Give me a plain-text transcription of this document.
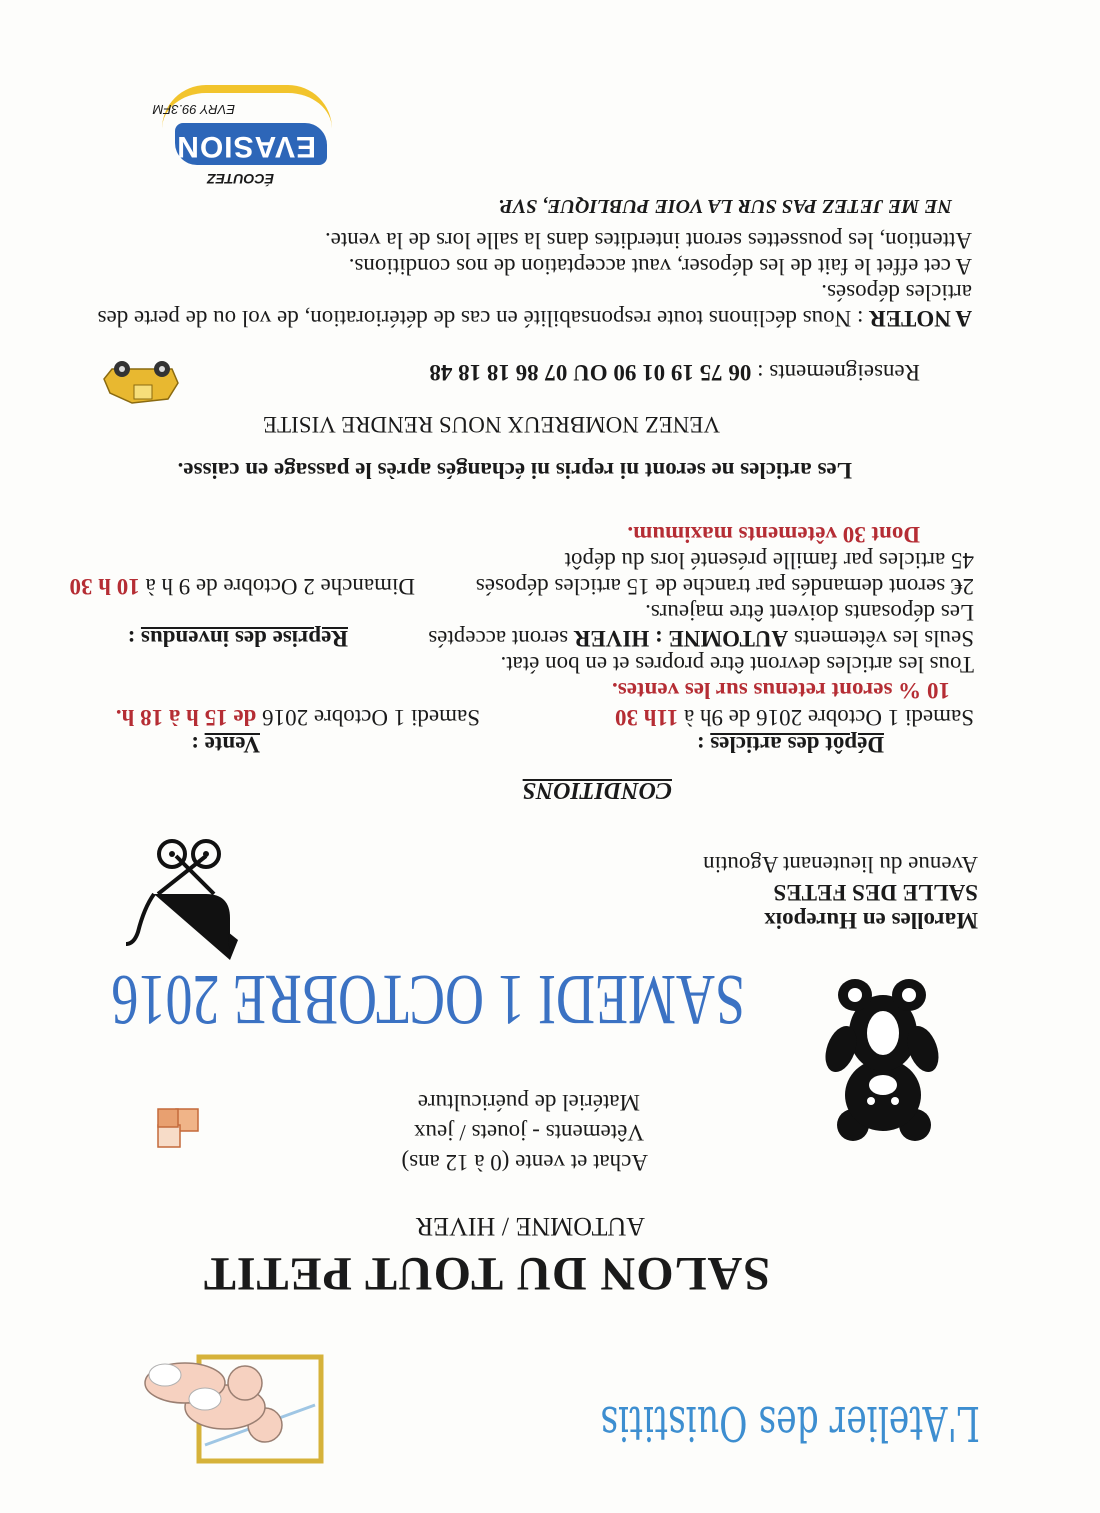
L'Atelier des Ouistitis
SALON DU TOUT PETIT
AUTOMNE / HIVER
Achat et vente (0 à 12 ans)
Vêtements - jouets / jeux
Matériel de puériculture
SAMEDI 1 OCTOBRE 2016
Marolles en Hurepoix
SALLE DES FETES
Avenue du lieutenant Agoutin
CONDITIONS
Dépôt des articles :
Samedi 1 Octobre 2016 de 9h à 11h 30
10 % seront retenus sur les ventes.
Tous les articles devront être propres et en bon état.
Seuls les vêtements AUTOMNE : HIVER seront acceptés
Les déposants doivent être majeurs.
2€ seront demandés par tranche de 15 articles déposés
45 articles par famille présenté lors du dépôt
Dont 30 vêtements maximum.
Vente :
Samedi 1 Octobre 2016 de 15 h à 18 h.
Reprise des invendus :
Dimanche 2 Octobre de 9 h à 10 h 30
Les articles ne seront ni repris ni échangés après le passage en caisse.
VENEZ NOMBREUX NOUS RENDRE VISITE
Renseignements : 06 75 19 01 90 OU 07 86 18 18 48
A NOTER : Nous déclinons toute responsabilité en cas de détérioration, de vol ou de perte des
articles déposés.
A cet effet le fait de les déposer, vaut acceptation de nos conditions.
Attention, les poussettes seront interdites dans la salle lors de la vente.
NE ME JETEZ PAS SUR LA VOIE PUBLIQUE, SVP.
ÉCOUTEZ
EVASION
EVRY 99.3FM
